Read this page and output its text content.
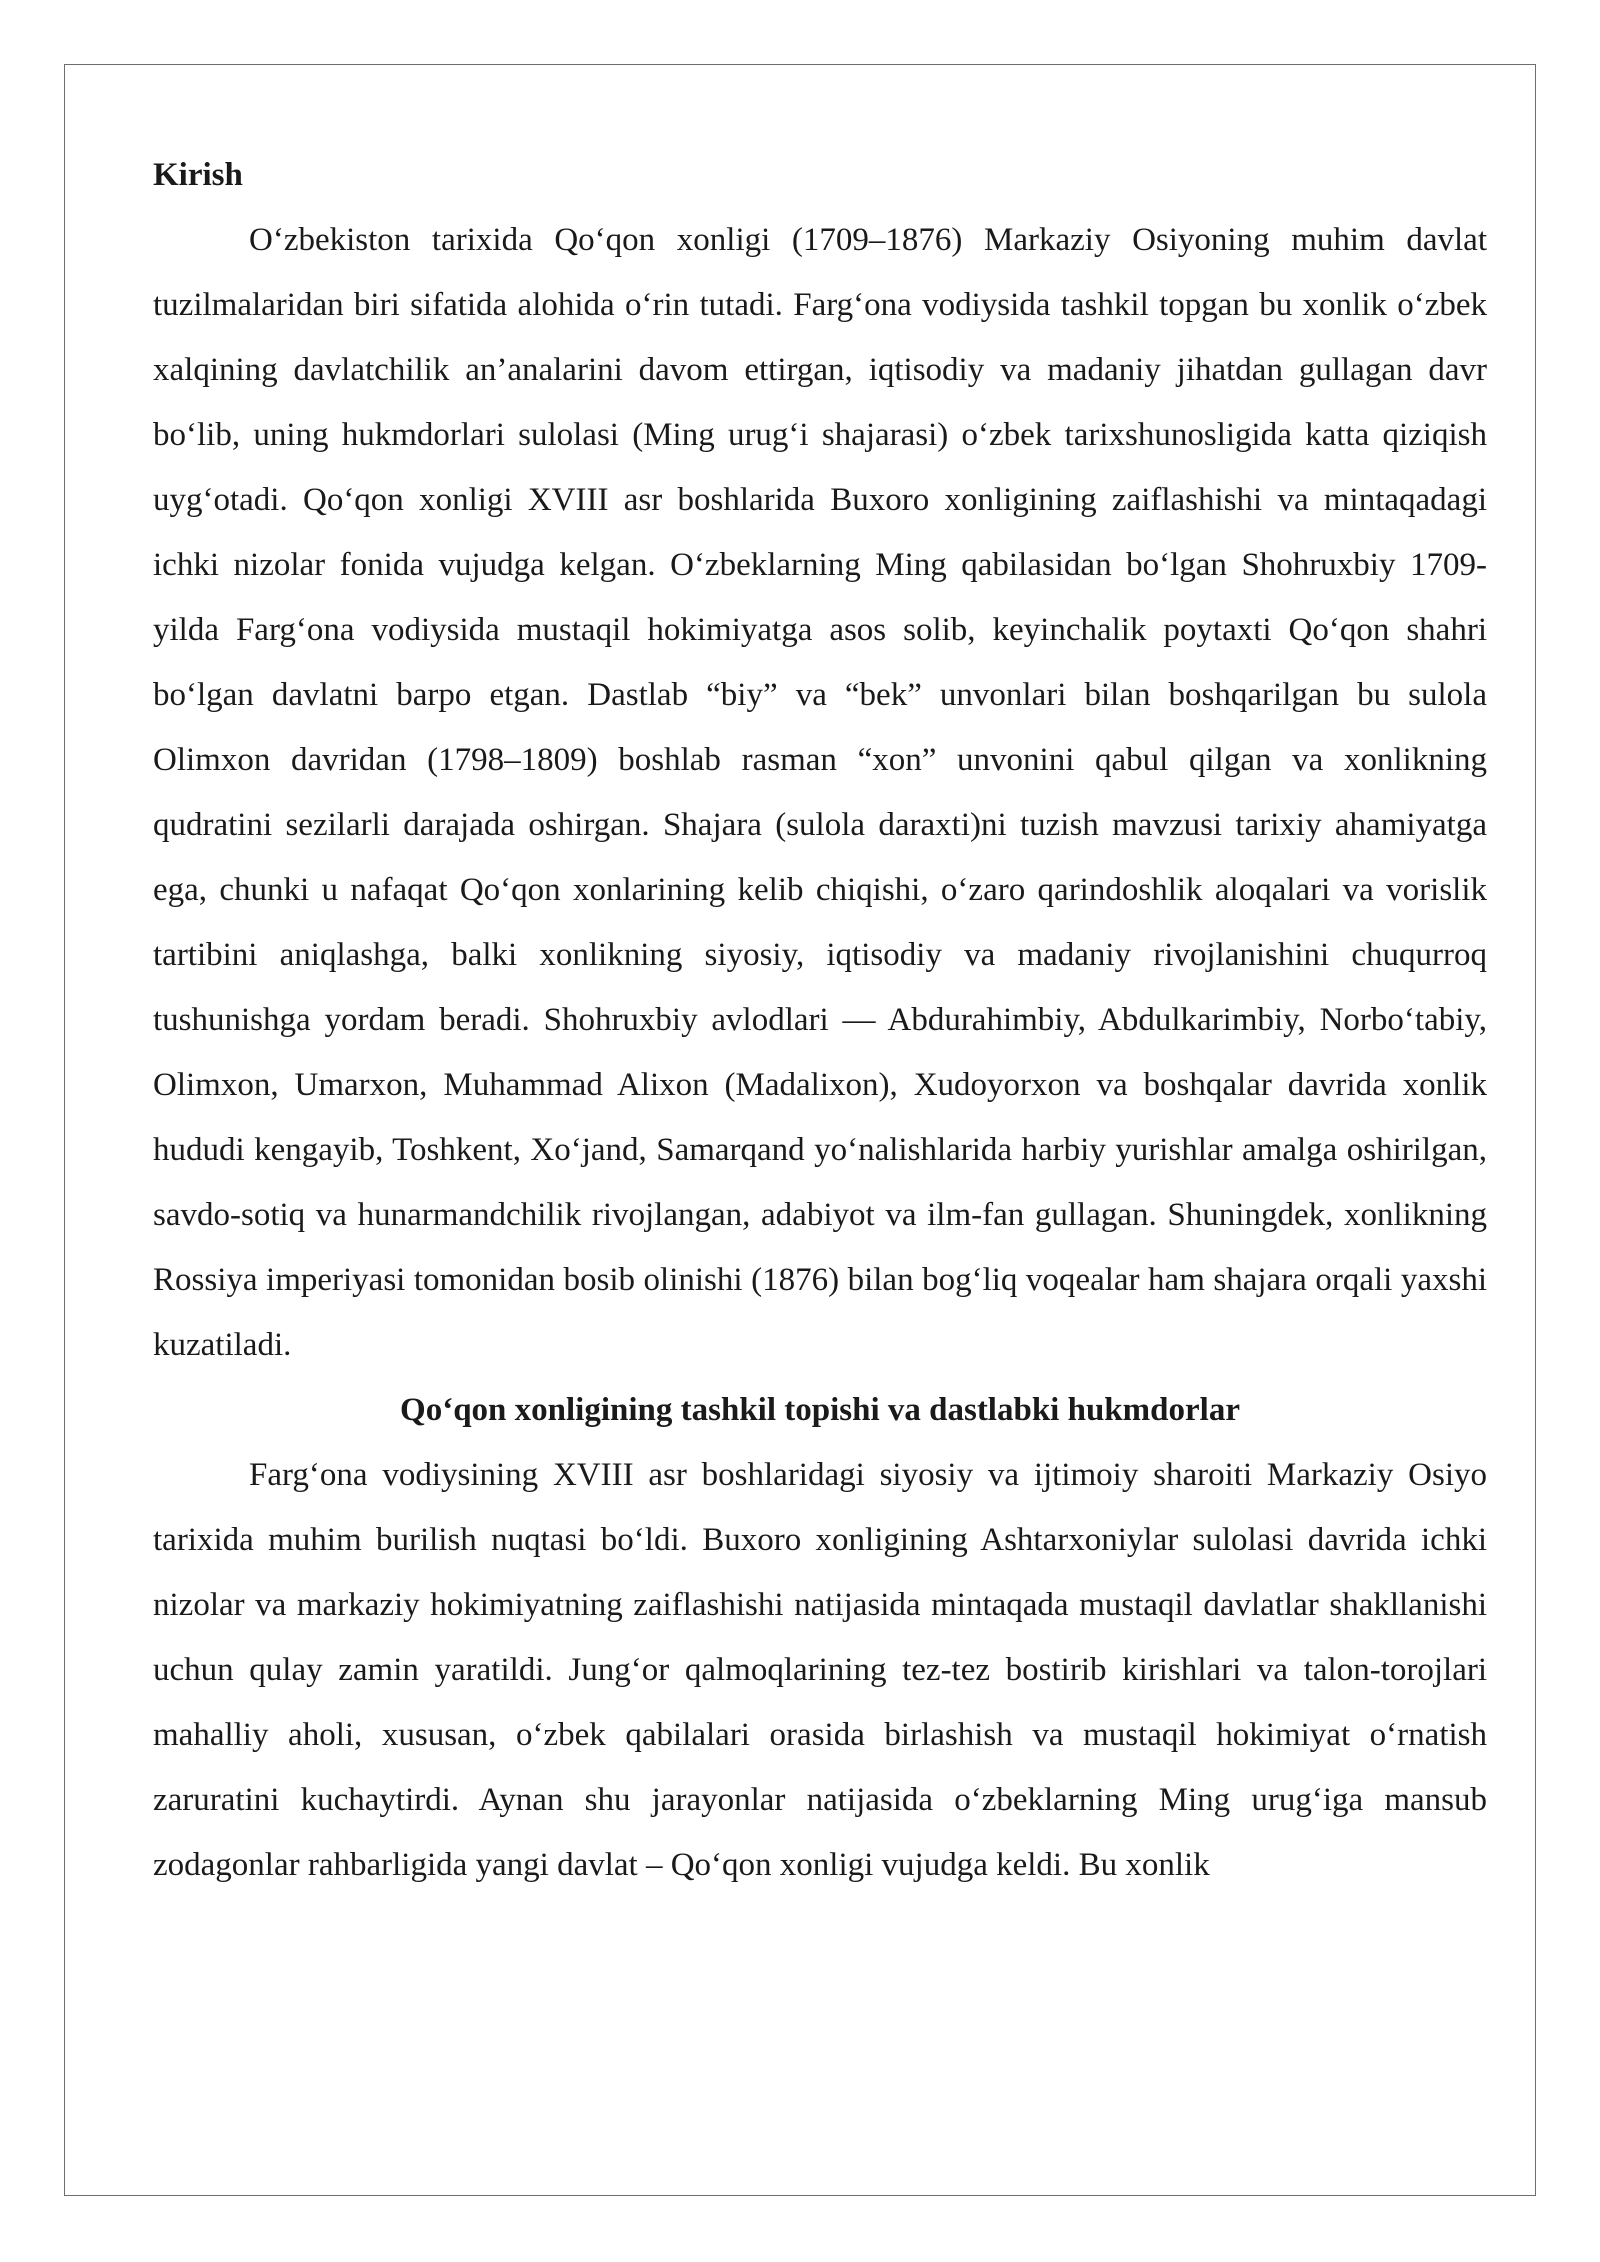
Kirish

O‘zbekiston tarixida Qo‘qon xonligi (1709–1876) Markaziy Osiyoning muhim davlat tuzilmalaridan biri sifatida alohida o‘rin tutadi. Farg‘ona vodiysida tashkil topgan bu xonlik o‘zbek xalqining davlatchilik an’analarini davom ettirgan, iqtisodiy va madaniy jihatdan gullagan davr bo‘lib, uning hukmdorlari sulolasi (Ming urug‘i shajarasi) o‘zbek tarixshunosligida katta qiziqish uyg‘otadi. Qo‘qon xonligi XVIII asr boshlarida Buxoro xonligining zaiflashishi va mintaqadagi ichki nizolar fonida vujudga kelgan. O‘zbeklarning Ming qabilasidan bo‘lgan Shohruxbiy 1709-yilda Farg‘ona vodiysida mustaqil hokimiyatga asos solib, keyinchalik poytaxti Qo‘qon shahri bo‘lgan davlatni barpo etgan. Dastlab “biy” va “bek” unvonlari bilan boshqarilgan bu sulola Olimxon davridan (1798–1809) boshlab rasman “xon” unvonini qabul qilgan va xonlikning qudratini sezilarli darajada oshirgan. Shajara (sulola daraxti)ni tuzish mavzusi tarixiy ahamiyatga ega, chunki u nafaqat Qo‘qon xonlarining kelib chiqishi, o‘zaro qarindoshlik aloqalari va vorislik tartibini aniqlashga, balki xonlikning siyosiy, iqtisodiy va madaniy rivojlanishini chuqurroq tushunishga yordam beradi. Shohruxbiy avlodlari — Abdurahimbiy, Abdulkarimbiy, Norbo‘tabiy, Olimxon, Umarxon, Muhammad Alixon (Madalixon), Xudoyorxon va boshqalar davrida xonlik hududi kengayib, Toshkent, Xo‘jand, Samarqand yo‘nalishlarida harbiy yurishlar amalga oshirilgan, savdo-sotiq va hunarmandchilik rivojlangan, adabiyot va ilm-fan gullagan. Shuningdek, xonlikning Rossiya imperiyasi tomonidan bosib olinishi (1876) bilan bog‘liq voqealar ham shajara orqali yaxshi kuzatiladi.

Qo‘qon xonligining tashkil topishi va dastlabki hukmdorlar

Farg‘ona vodiysining XVIII asr boshlaridagi siyosiy va ijtimoiy sharoiti Markaziy Osiyo tarixida muhim burilish nuqtasi bo‘ldi. Buxoro xonligining Ashtarxoniylar sulolasi davrida ichki nizolar va markaziy hokimiyatning zaiflashishi natijasida mintaqada mustaqil davlatlar shakllanishi uchun qulay zamin yaratildi. Jung‘or qalmoqlarining tez-tez bostirib kirishlari va talon-torojlari mahalliy aholi, xususan, o‘zbek qabilalari orasida birlashish va mustaqil hokimiyat o‘rnatish zaruratini kuchaytirdi. Aynan shu jarayonlar natijasida o‘zbeklarning Ming urug‘iga mansub zodagonlar rahbarligida yangi davlat – Qo‘qon xonligi vujudga keldi. Bu xonlik
